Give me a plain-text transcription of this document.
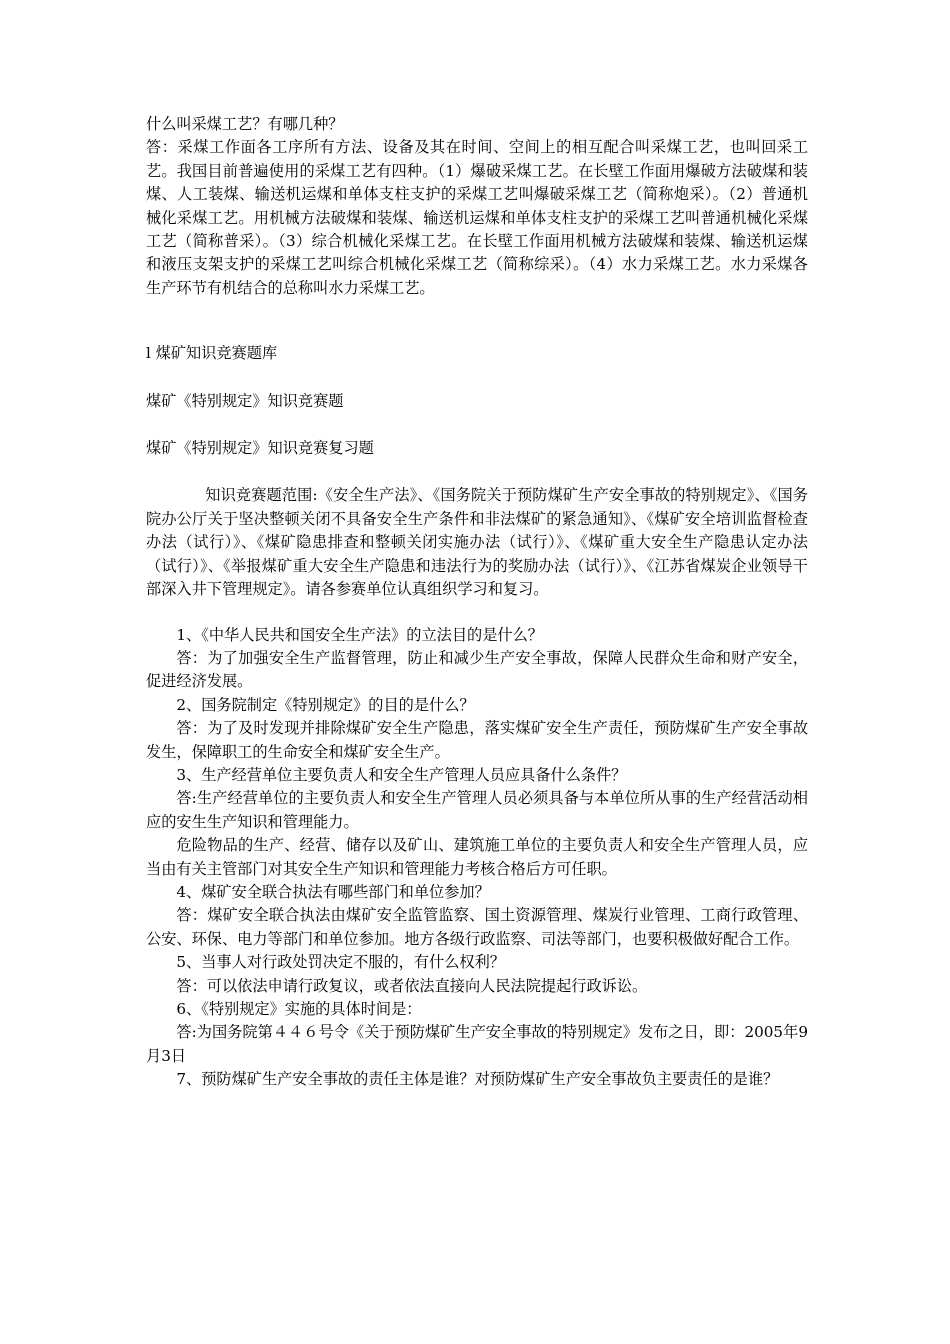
什么叫采煤工艺？有哪几种？

答：采煤工作面各工序所有方法、设备及其在时间、空间上的相互配合叫采煤工艺，也叫回采工艺。我国目前普遍使用的采煤工艺有四种。（1）爆破采煤工艺。在长壁工作面用爆破方法破煤和装煤、人工装煤、输送机运煤和单体支柱支护的采煤工艺叫爆破采煤工艺（简称炮采）。（2）普通机械化采煤工艺。用机械方法破煤和装煤、输送机运煤和单体支柱支护的采煤工艺叫普通机械化采煤工艺（简称普采）。（3）综合机械化采煤工艺。在长壁工作面用机械方法破煤和装煤、输送机运煤和液压支架支护的采煤工艺叫综合机械化采煤工艺（简称综采）。（4）水力采煤工艺。水力采煤各生产环节有机结合的总称叫水力采煤工艺。

l 煤矿知识竞赛题库

煤矿《特别规定》知识竞赛题

煤矿《特别规定》知识竞赛复习题

知识竞赛题范围:《安全生产法》、《国务院关于预防煤矿生产安全事故的特别规定》、《国务院办公厅关于坚决整顿关闭不具备安全生产条件和非法煤矿的紧急通知》、《煤矿安全培训监督检查办法（试行）》、《煤矿隐患排查和整顿关闭实施办法（试行）》、《煤矿重大安全生产隐患认定办法（试行）》、《举报煤矿重大安全生产隐患和违法行为的奖励办法（试行）》、《江苏省煤炭企业领导干部深入井下管理规定》。请各参赛单位认真组织学习和复习。

1、《中华人民共和国安全生产法》的立法目的是什么？

答：为了加强安全生产监督管理，防止和减少生产安全事故，保障人民群众生命和财产安全，促进经济发展。

2、国务院制定《特别规定》的目的是什么？

答：为了及时发现并排除煤矿安全生产隐患，落实煤矿安全生产责任，预防煤矿生产安全事故发生，保障职工的生命安全和煤矿安全生产。

3、生产经营单位主要负责人和安全生产管理人员应具备什么条件？

答:生产经营单位的主要负责人和安全生产管理人员必须具备与本单位所从事的生产经营活动相应的安生生产知识和管理能力。

危险物品的生产、经营、储存以及矿山、建筑施工单位的主要负责人和安全生产管理人员，应当由有关主管部门对其安全生产知识和管理能力考核合格后方可任职。

4、煤矿安全联合执法有哪些部门和单位参加？

答：煤矿安全联合执法由煤矿安全监管监察、国土资源管理、煤炭行业管理、工商行政管理、公安、环保、电力等部门和单位参加。地方各级行政监察、司法等部门，也要积极做好配合工作。

5、当事人对行政处罚决定不服的，有什么权利？

答：可以依法申请行政复议，或者依法直接向人民法院提起行政诉讼。

6、《特别规定》实施的具体时间是：

答:为国务院第４４６号令《关于预防煤矿生产安全事故的特别规定》发布之日，即：2005年9月3日

7、预防煤矿生产安全事故的责任主体是谁？对预防煤矿生产安全事故负主要责任的是谁？
